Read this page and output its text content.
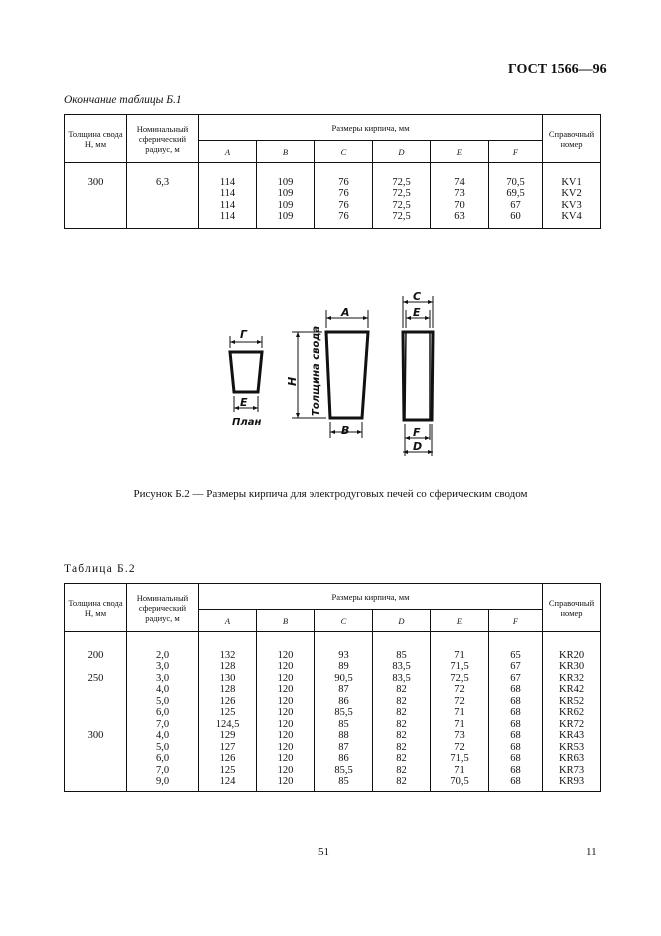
ГОСТ 1566—96
Окончание таблицы Б.1
Толщина свода H, мм	Номинальный сферический радиус, м	Размеры кирпича, мм						Справочный номер
		A	B	C	D	E	F	

300	6,3	114	109	76	72,5	74	70,5	KV1
		114	109	76	72,5	73	69,5	KV2
		114	109	76	72,5	70	67	KV3
		114	109	76	72,5	63	60	KV4

Г
E
План
A
B
H Толщина свода
C
E
F
D
Рисунок Б.2 — Размеры кирпича для электродуговых печей со сферическим сводом
Таблица Б.2
Толщина свода H, мм	Номинальный сферический радиус, м	Размеры кирпича, мм						Справочный номер
		A	B	C	D	E	F	

200	2,0	132	120	93	85	71	65	KR20
	3,0	128	120	89	83,5	71,5	67	KR30
250	3,0	130	120	90,5	83,5	72,5	67	KR32
	4,0	128	120	87	82	72	68	KR42
	5,0	126	120	86	82	72	68	KR52
	6,0	125	120	85,5	82	71	68	KR62
	7,0	124,5	120	85	82	71	68	KR72
300	4,0	129	120	88	82	73	68	KR43
	5,0	127	120	87	82	72	68	KR53
	6,0	126	120	86	82	71,5	68	KR63
	7,0	125	120	85,5	82	71	68	KR73
	9,0	124	120	85	82	70,5	68	KR93

51	11
